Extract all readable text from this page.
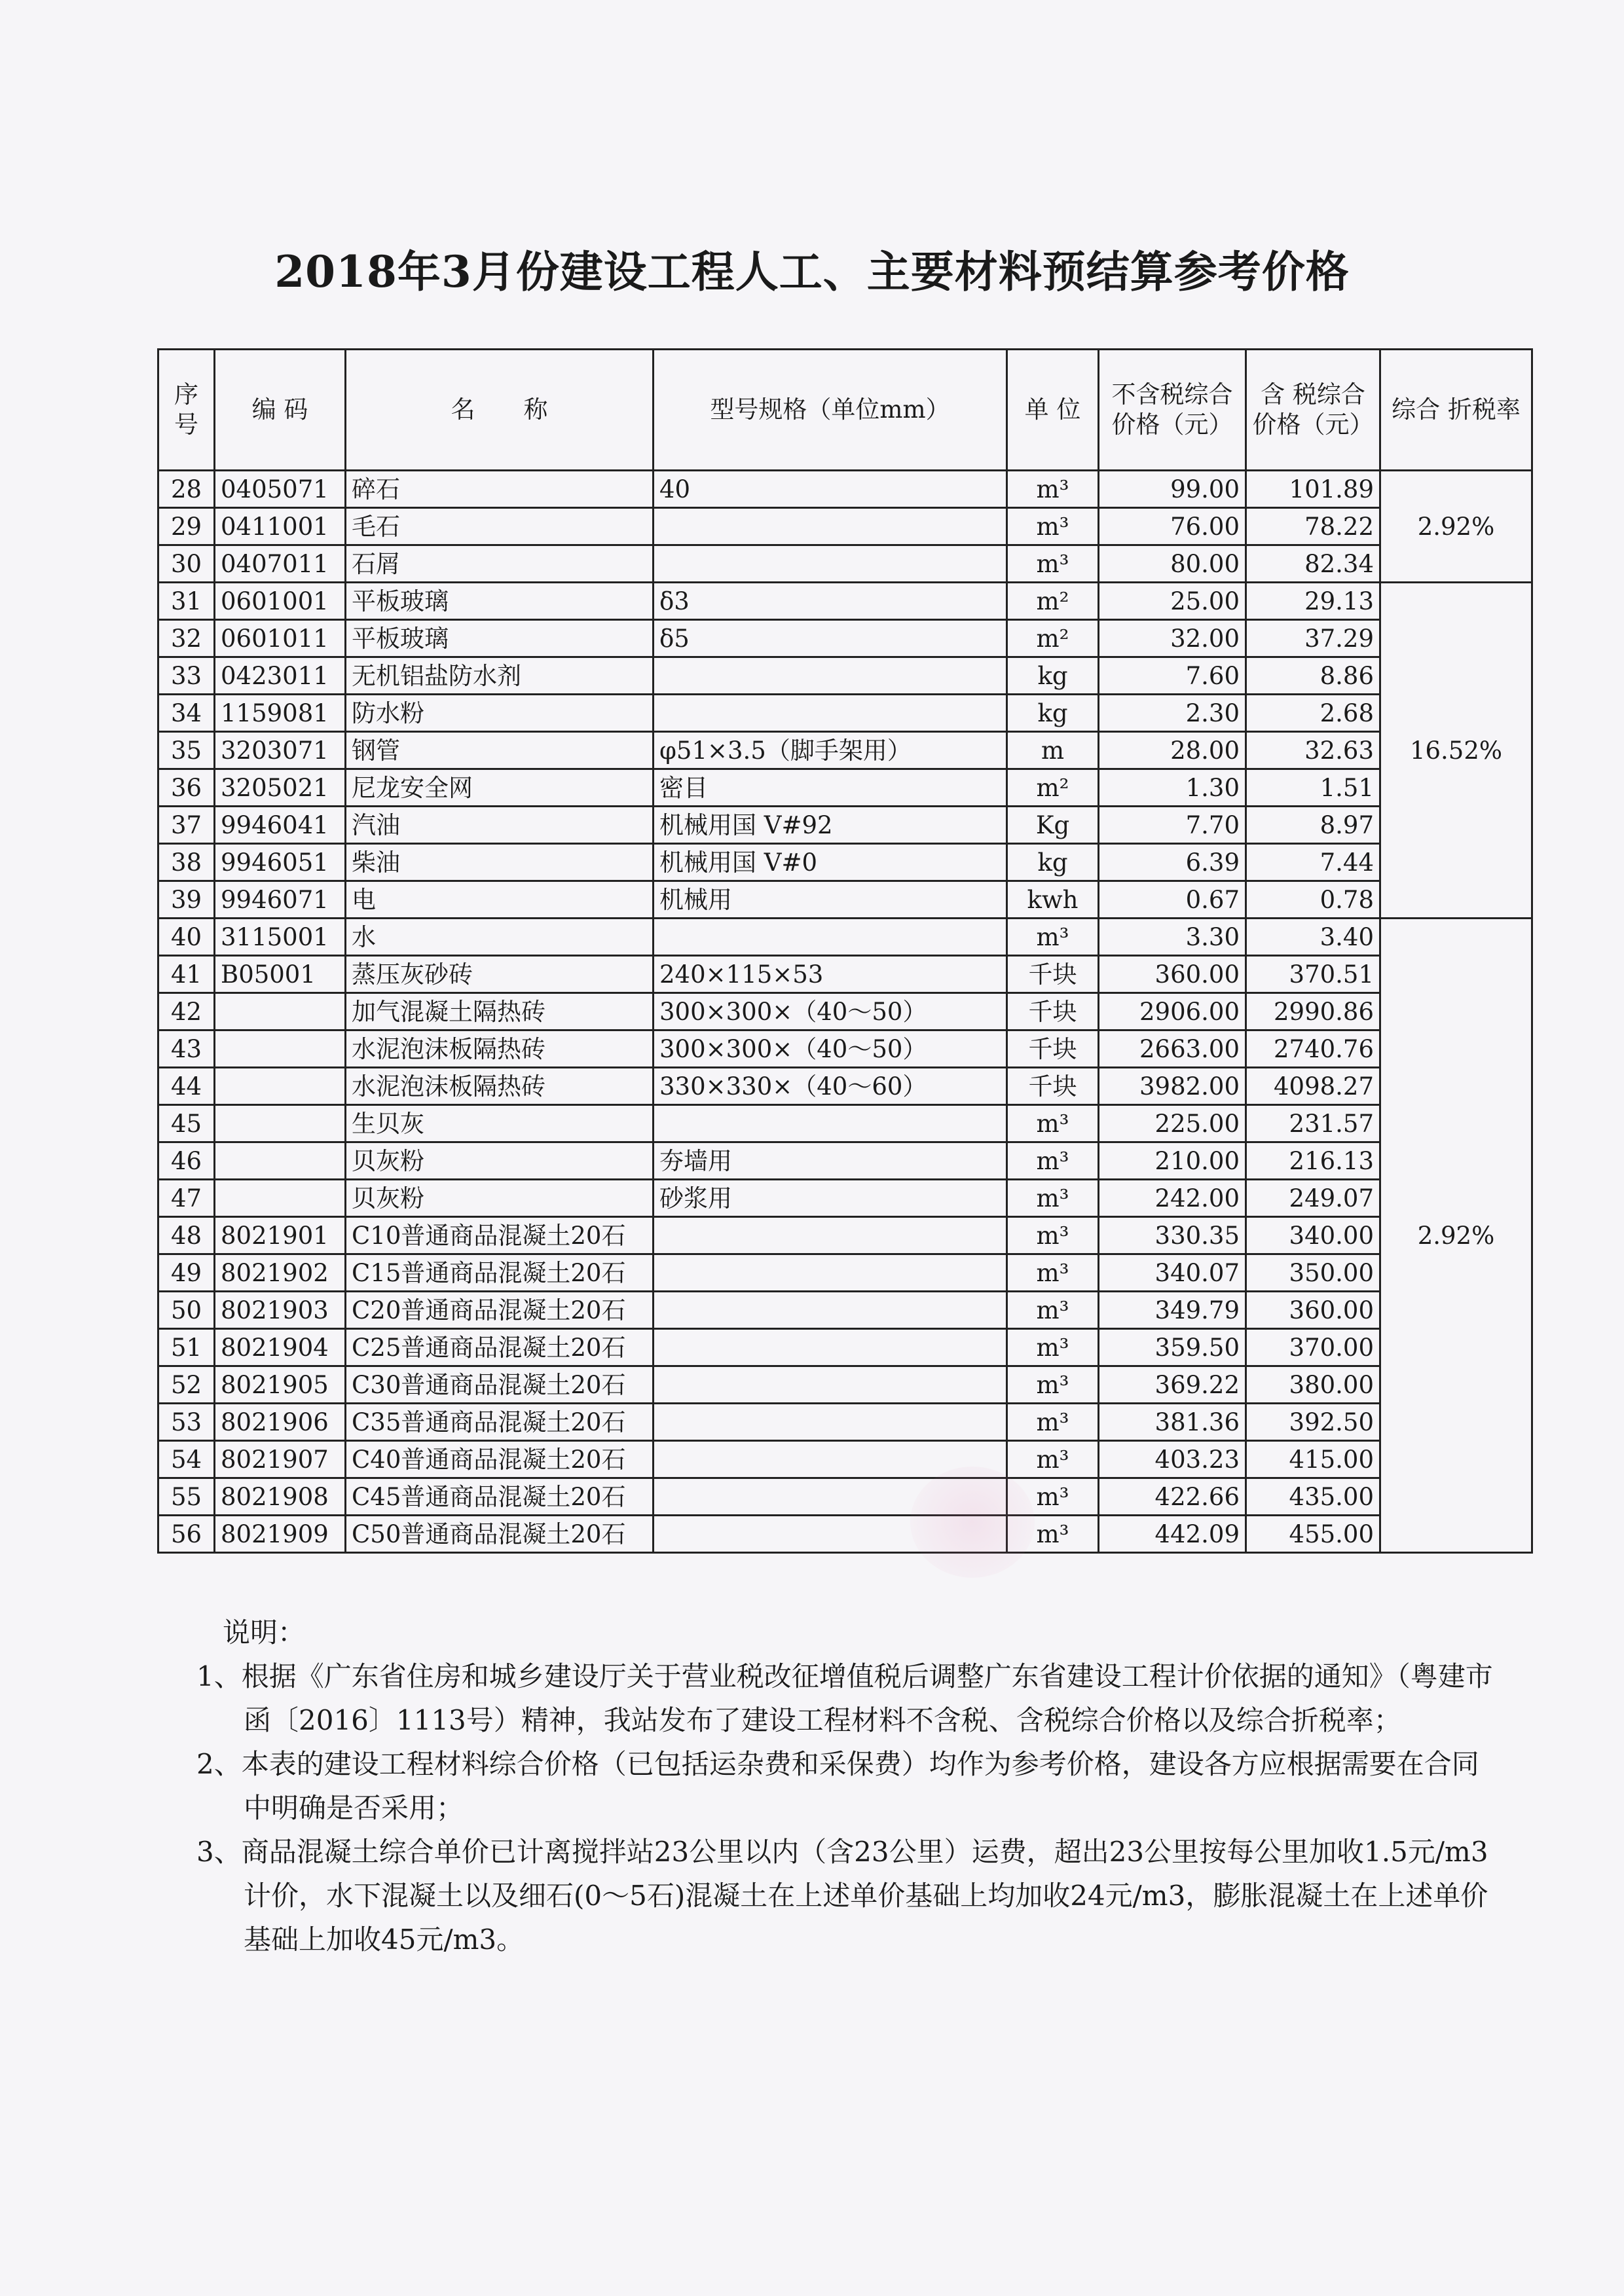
2018年3月份建设工程人工、主要材料预结算参考价格
序号	编 码	名　　称	型号规格（单位mm）	单 位	不含税综合价格（元）	含 税综合价格（元）	综合 折税率
28	0405071	碎石	40	m³	99.00	101.89	2.92%
29	0411001	毛石		m³	76.00	78.22	
30	0407011	石屑		m³	80.00	82.34	
31	0601001	平板玻璃	δ3	m²	25.00	29.13	16.52%
32	0601011	平板玻璃	δ5	m²	32.00	37.29	
33	0423011	无机铝盐防水剂		kg	7.60	8.86	
34	1159081	防水粉		kg	2.30	2.68	
35	3203071	钢管	φ51×3.5（脚手架用）	m	28.00	32.63	
36	3205021	尼龙安全网	密目	m²	1.30	1.51	
37	9946041	汽油	机械用国 V#92	Kg	7.70	8.97	
38	9946051	柴油	机械用国 V#0	kg	6.39	7.44	
39	9946071	电	机械用	kwh	0.67	0.78	
40	3115001	水		m³	3.30	3.40	2.92%
41	B05001	蒸压灰砂砖	240×115×53	千块	360.00	370.51	
42		加气混凝土隔热砖	300×300×（40～50）	千块	2906.00	2990.86	
43		水泥泡沫板隔热砖	300×300×（40～50）	千块	2663.00	2740.76	
44		水泥泡沫板隔热砖	330×330×（40～60）	千块	3982.00	4098.27	
45		生贝灰		m³	225.00	231.57	
46		贝灰粉	夯墙用	m³	210.00	216.13	
47		贝灰粉	砂浆用	m³	242.00	249.07	
48	8021901	C10普通商品混凝土20石		m³	330.35	340.00	
49	8021902	C15普通商品混凝土20石		m³	340.07	350.00	
50	8021903	C20普通商品混凝土20石		m³	349.79	360.00	
51	8021904	C25普通商品混凝土20石		m³	359.50	370.00	
52	8021905	C30普通商品混凝土20石		m³	369.22	380.00	
53	8021906	C35普通商品混凝土20石		m³	381.36	392.50	
54	8021907	C40普通商品混凝土20石		m³	403.23	415.00	
55	8021908	C45普通商品混凝土20石		m³	422.66	435.00	
56	8021909	C50普通商品混凝土20石		m³	442.09	455.00	
说明：
1、根据《广东省住房和城乡建设厅关于营业税改征增值税后调整广东省建设工程计价依据的通知》（粤建市函〔2016〕1113号）精神，我站发布了建设工程材料不含税、含税综合价格以及综合折税率；
2、本表的建设工程材料综合价格（已包括运杂费和采保费）均作为参考价格，建设各方应根据需要在合同中明确是否采用；
3、商品混凝土综合单价已计离搅拌站23公里以内（含23公里）运费，超出23公里按每公里加收1.5元/m3计价，水下混凝土以及细石(0～5石)混凝土在上述单价基础上均加收24元/m3，膨胀混凝土在上述单价基础上加收45元/m3。
